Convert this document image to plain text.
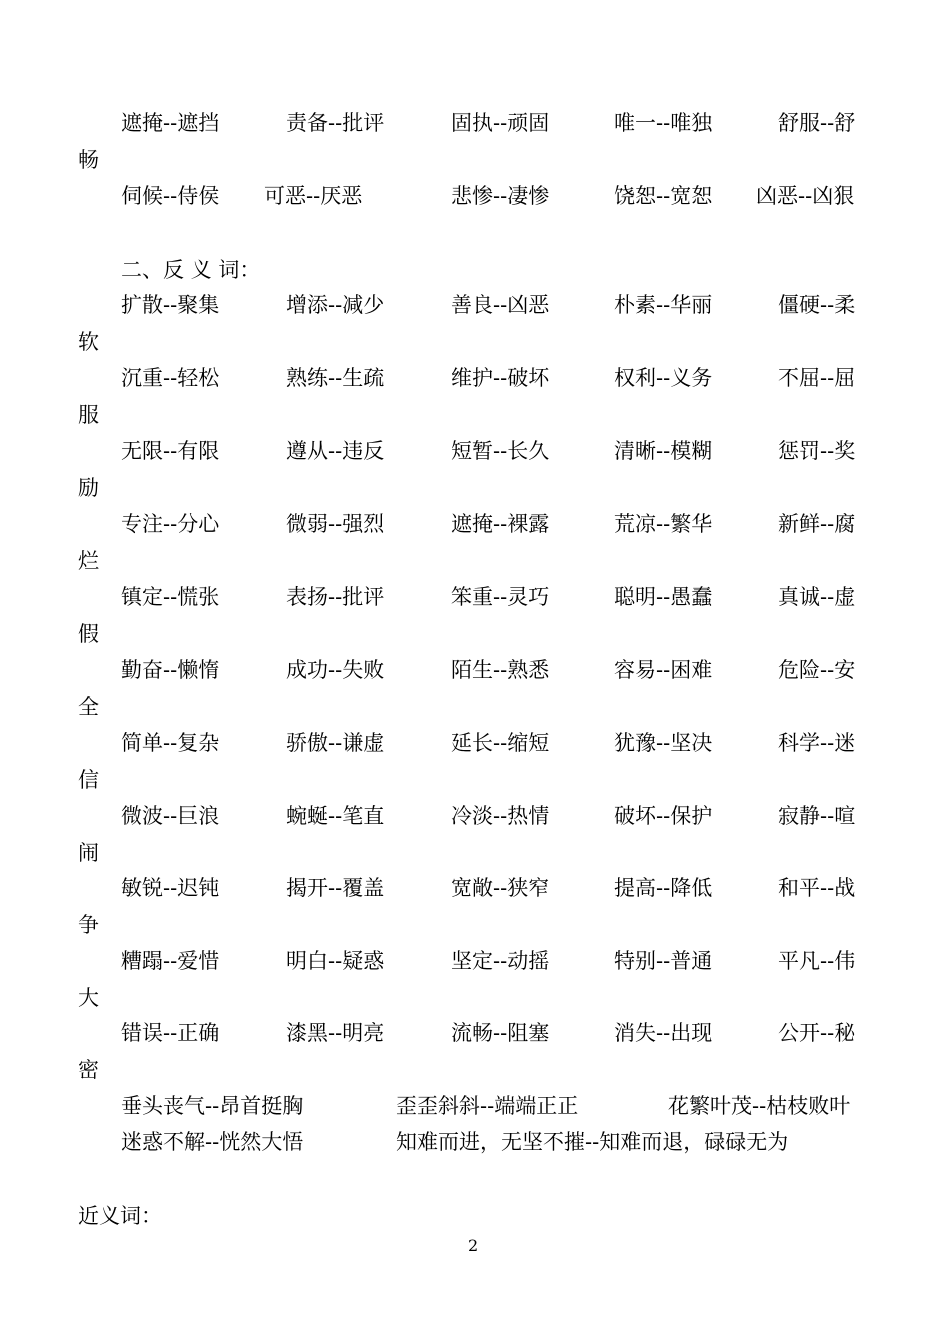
遮掩--遮挡	责备--批评	固执--顽固	唯一--唯独	舒服--舒
畅
伺候--侍侯 可恶--厌恶	悲惨--凄惨	饶恕--宽恕 凶恶--凶狠
二、反 义 词：
扩散--聚集	增添--减少	善良--凶恶	朴素--华丽	僵硬--柔
软
沉重--轻松	熟练--生疏	维护--破坏	权利--义务	不屈--屈
服
无限--有限	遵从--违反	短暂--长久	清晰--模糊	惩罚--奖
励
专注--分心	微弱--强烈	遮掩--裸露	荒凉--繁华	新鲜--腐
烂
镇定--慌张	表扬--批评	笨重--灵巧	聪明--愚蠢	真诚--虚
假
勤奋--懒惰	成功--失败	陌生--熟悉	容易--困难	危险--安
全
简单--复杂	骄傲--谦虚	延长--缩短	犹豫--坚决	科学--迷
信
微波--巨浪	蜿蜒--笔直	冷淡--热情	破坏--保护	寂静--喧
闹
敏锐--迟钝	揭开--覆盖	宽敞--狭窄	提高--降低	和平--战
争
糟蹋--爱惜	明白--疑惑	坚定--动摇	特别--普通	平凡--伟
大
错误--正确	漆黑--明亮	流畅--阻塞	消失--出现	公开--秘
密
垂头丧气--昂首挺胸	歪歪斜斜--端端正正	花繁叶茂--枯枝败叶
迷惑不解--恍然大悟	知难而进，无坚不摧--知难而退，碌碌无为
近义词：
2
